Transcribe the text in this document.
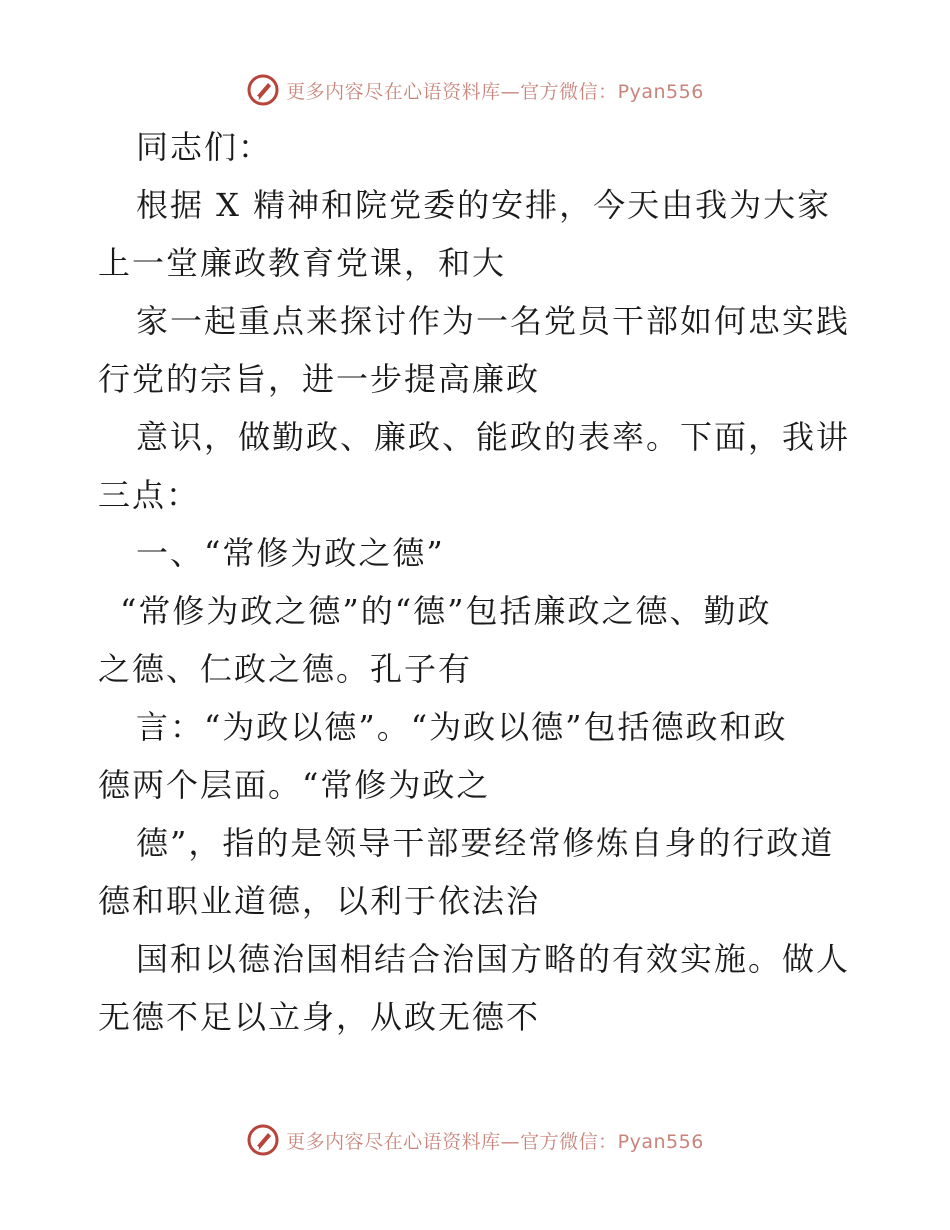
更多内容尽在心语资料库—官方微信：Pyan556
同志们：
根据 X 精神和院党委的安排，今天由我为大家
上一堂廉政教育党课，和大
家一起重点来探讨作为一名党员干部如何忠实践
行党的宗旨，进一步提高廉政
意识，做勤政、廉政、能政的表率。下面，我讲
三点：
一、“常修为政之德”
“常修为政之德”的“德”包括廉政之德、勤政
之德、仁政之德。孔子有
言：“为政以德”。“为政以德”包括德政和政
德两个层面。“常修为政之
德”，指的是领导干部要经常修炼自身的行政道
德和职业道德，以利于依法治
国和以德治国相结合治国方略的有效实施。做人
无德不足以立身，从政无德不
更多内容尽在心语资料库—官方微信：Pyan556
